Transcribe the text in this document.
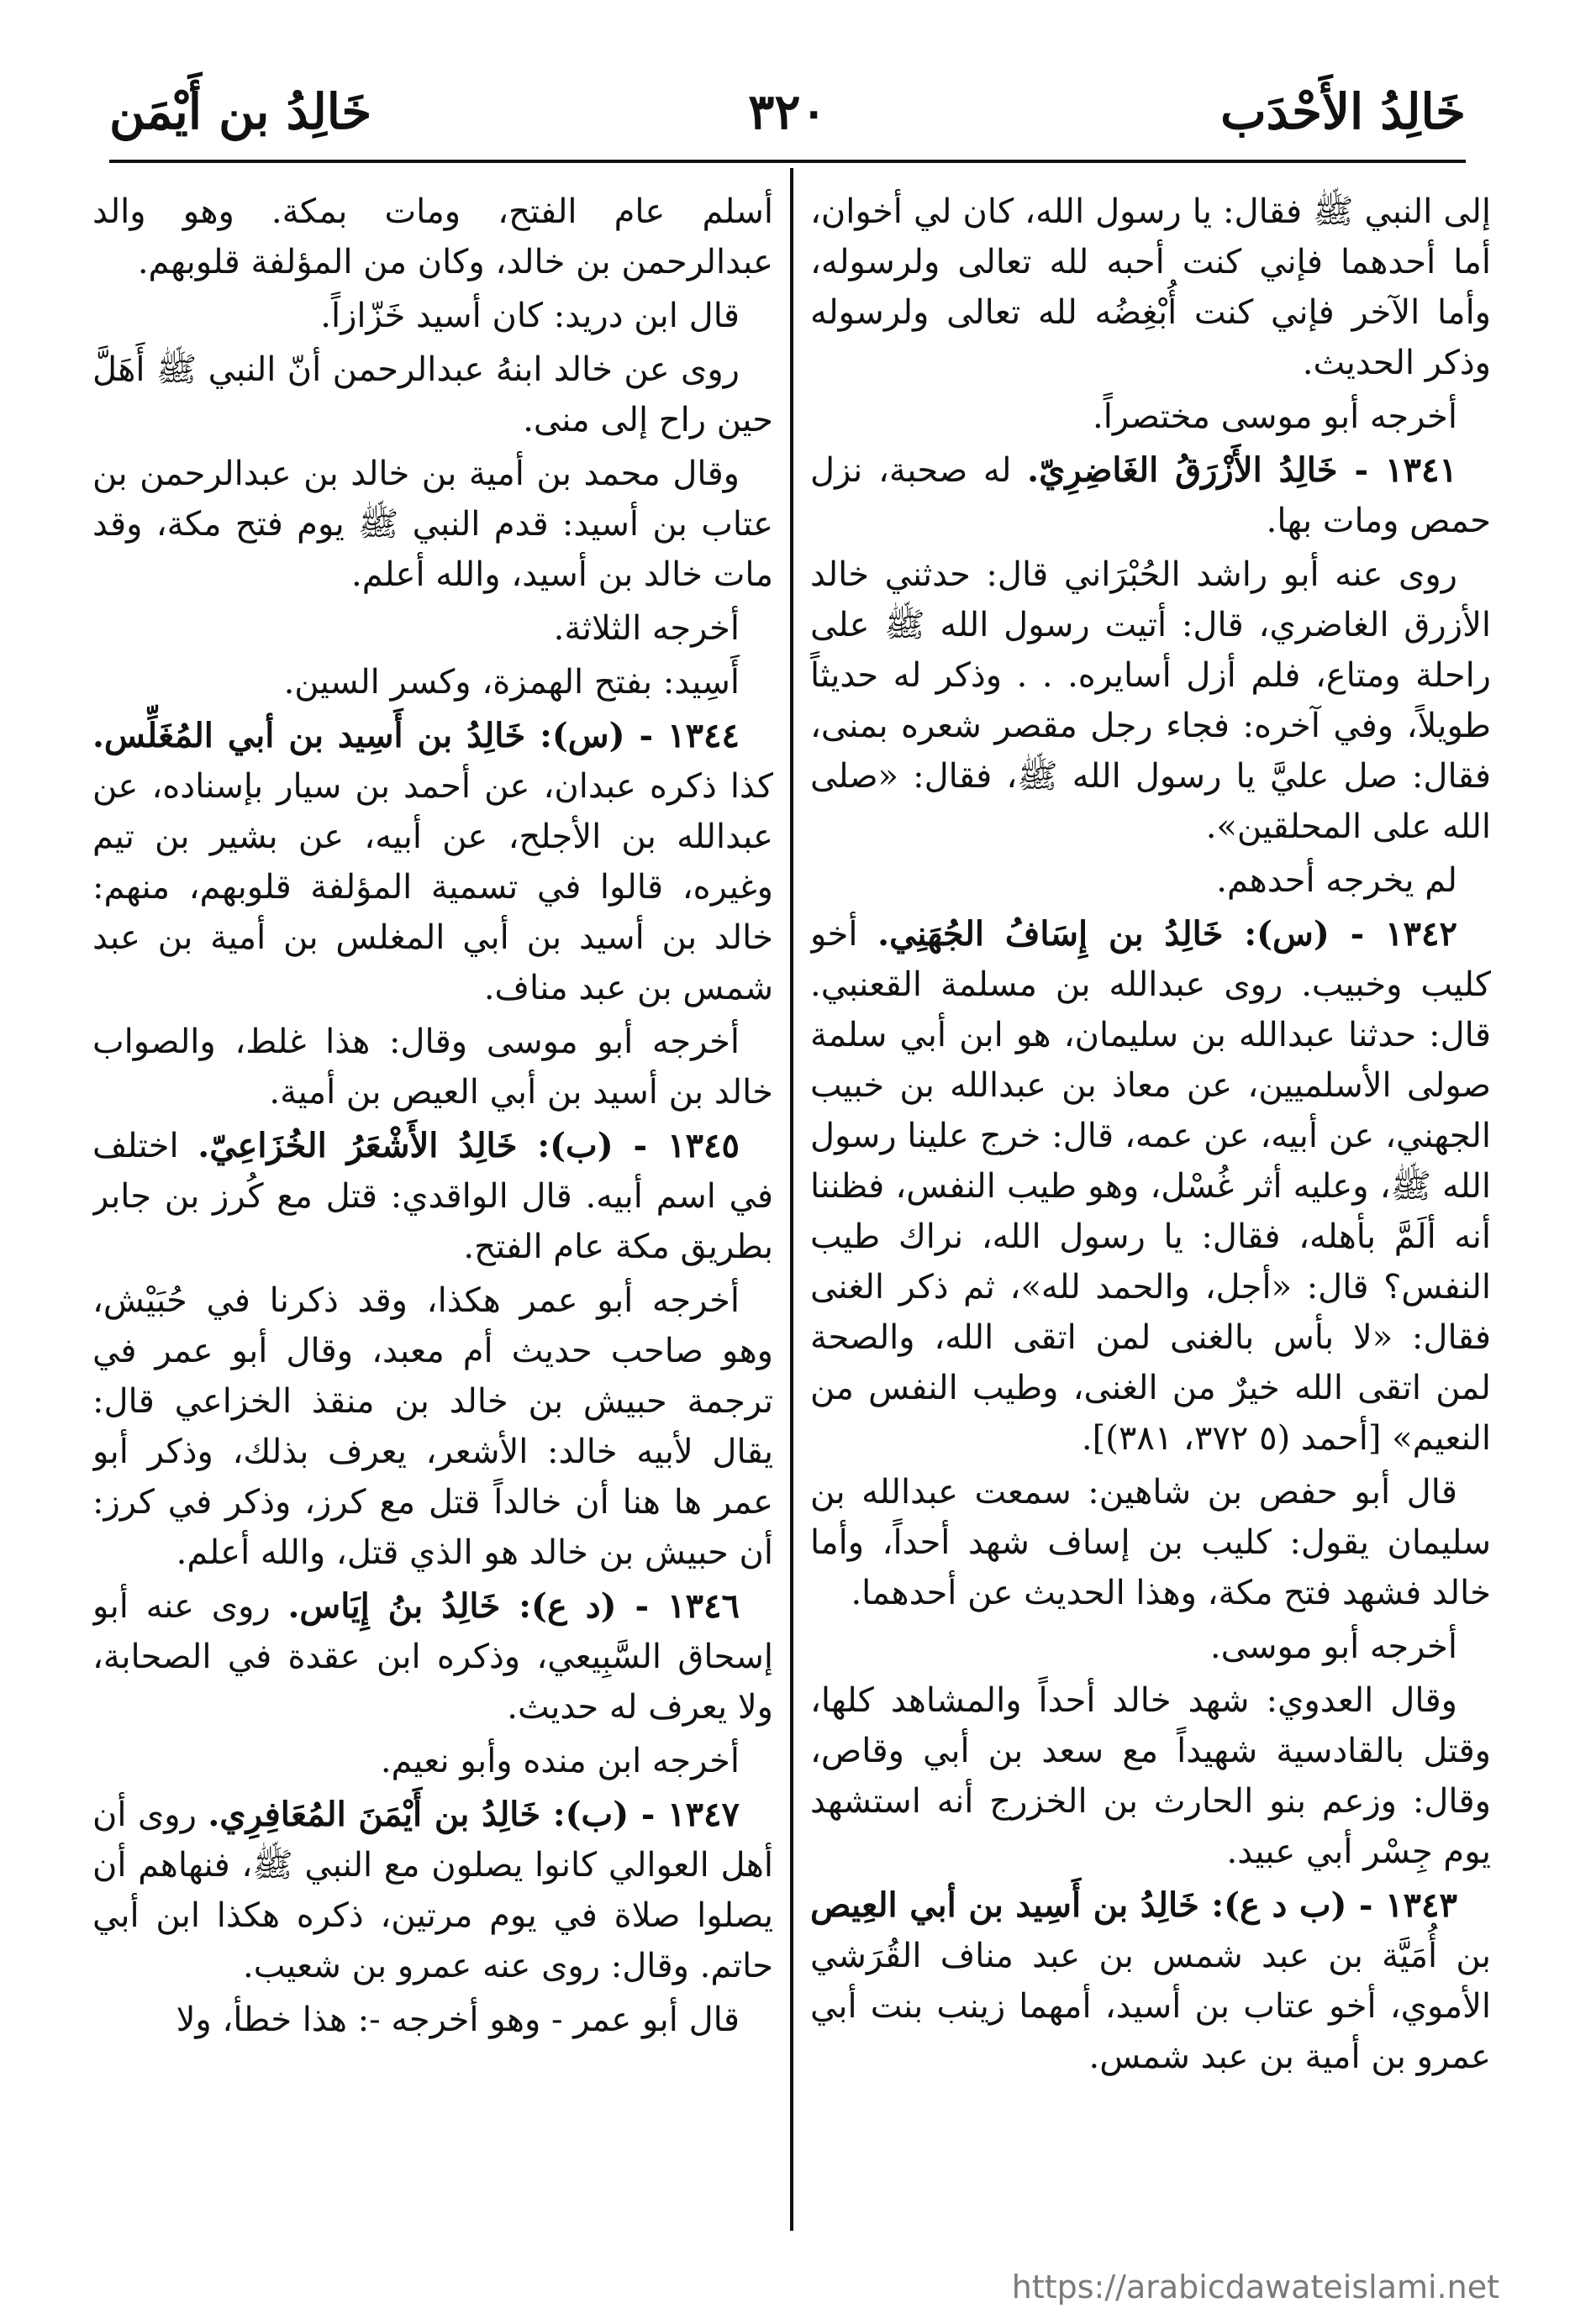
خَالِدُ الأَحْدَب
٣٢٠
خَالِدُ بن أَيْمَن

إلى النبي ﷺ فقال: يا رسول الله، كان لي أخوان، أما أحدهما فإني كنت أحبه لله تعالى ولرسوله، وأما الآخر فإني كنت أُبْغِضُه لله تعالى ولرسوله وذكر الحديث.

أخرجه أبو موسى مختصراً.

١٣٤١ - خَالِدُ الأَزْرَقُ الغَاضِرِيّ. له صحبة، نزل حمص ومات بها.

روى عنه أبو راشد الحُبْرَاني قال: حدثني خالد الأزرق الغاضري، قال: أتيت رسول الله ﷺ على راحلة ومتاع، فلم أزل أسايره. . . وذكر له حديثاً طويلاً، وفي آخره: فجاء رجل مقصر شعره بمنى، فقال: صل عليَّ يا رسول الله ﷺ، فقال: «صلى الله على المحلقين».

لم يخرجه أحدهم.

١٣٤٢ - (س): خَالِدُ بن إِسَافُ الجُهَنِي. أخو كليب وخبيب. روى عبدالله بن مسلمة القعنبي. قال: حدثنا عبدالله بن سليمان، هو ابن أبي سلمة صولى الأسلميين، عن معاذ بن عبدالله بن خبيب الجهني، عن أبيه، عن عمه، قال: خرج علينا رسول الله ﷺ، وعليه أثر غُسْل، وهو طيب النفس، فظننا أنه ألَمَّ بأهله، فقال: يا رسول الله، نراك طيب النفس؟ قال: «أجل، والحمد لله»، ثم ذكر الغنى فقال: «لا بأس بالغنى لمن اتقى الله، والصحة لمن اتقى الله خيرٌ من الغنى، وطيب النفس من النعيم» [أحمد (٥ ٣٧٢، ٣٨١)].

قال أبو حفص بن شاهين: سمعت عبدالله بن سليمان يقول: كليب بن إساف شهد أحداً، وأما خالد فشهد فتح مكة، وهذا الحديث عن أحدهما.

أخرجه أبو موسى.

وقال العدوي: شهد خالد أحداً والمشاهد كلها، وقتل بالقادسية شهيداً مع سعد بن أبي وقاص، وقال: وزعم بنو الحارث بن الخزرج أنه استشهد يوم جِسْر أبي عبيد.

١٣٤٣ - (ب د ع): خَالِدُ بن أَسِيد بن أبي العِيص بن أُمَيَّة بن عبد شمس بن عبد مناف القُرَشي الأموي، أخو عتاب بن أسيد، أمهما زينب بنت أبي عمرو بن أمية بن عبد شمس.

أسلم عام الفتح، ومات بمكة. وهو والد عبدالرحمن بن خالد، وكان من المؤلفة قلوبهم.

قال ابن دريد: كان أسيد خَزّازاً.

روى عن خالد ابنهُ عبدالرحمن أنّ النبي ﷺ أَهَلَّ حين راح إلى منى.

وقال محمد بن أمية بن خالد بن عبدالرحمن بن عتاب بن أسيد: قدم النبي ﷺ يوم فتح مكة، وقد مات خالد بن أسيد، والله أعلم.

أخرجه الثلاثة.

أَسِيد: بفتح الهمزة، وكسر السين.

١٣٤٤ - (س): خَالِدُ بن أَسِيد بن أبي المُغَلِّس. كذا ذكره عبدان، عن أحمد بن سيار بإسناده، عن عبدالله بن الأجلح، عن أبيه، عن بشير بن تيم وغيره، قالوا في تسمية المؤلفة قلوبهم، منهم: خالد بن أسيد بن أبي المغلس بن أمية بن عبد شمس بن عبد مناف.

أخرجه أبو موسى وقال: هذا غلط، والصواب خالد بن أسيد بن أبي العيص بن أمية.

١٣٤٥ - (ب): خَالِدُ الأَشْعَرُ الخُزَاعِيّ. اختلف في اسم أبيه. قال الواقدي: قتل مع كُرز بن جابر بطريق مكة عام الفتح.

أخرجه أبو عمر هكذا، وقد ذكرنا في حُبَيْش، وهو صاحب حديث أم معبد، وقال أبو عمر في ترجمة حبيش بن خالد بن منقذ الخزاعي قال: يقال لأبيه خالد: الأشعر، يعرف بذلك، وذكر أبو عمر ها هنا أن خالداً قتل مع كرز، وذكر في كرز: أن حبيش بن خالد هو الذي قتل، والله أعلم.

١٣٤٦ - (د ع): خَالِدُ بنُ إِيَاس. روى عنه أبو إسحاق السَّبِيعي، وذكره ابن عقدة في الصحابة، ولا يعرف له حديث.

أخرجه ابن منده وأبو نعيم.

١٣٤٧ - (ب): خَالِدُ بن أَيْمَنَ المُعَافِرِي. روى أن أهل العوالي كانوا يصلون مع النبي ﷺ، فنهاهم أن يصلوا صلاة في يوم مرتين، ذكره هكذا ابن أبي حاتم. وقال: روى عنه عمرو بن شعيب.

قال أبو عمر - وهو أخرجه -: هذا خطأ، ولا

https://arabicdawateislami.net
